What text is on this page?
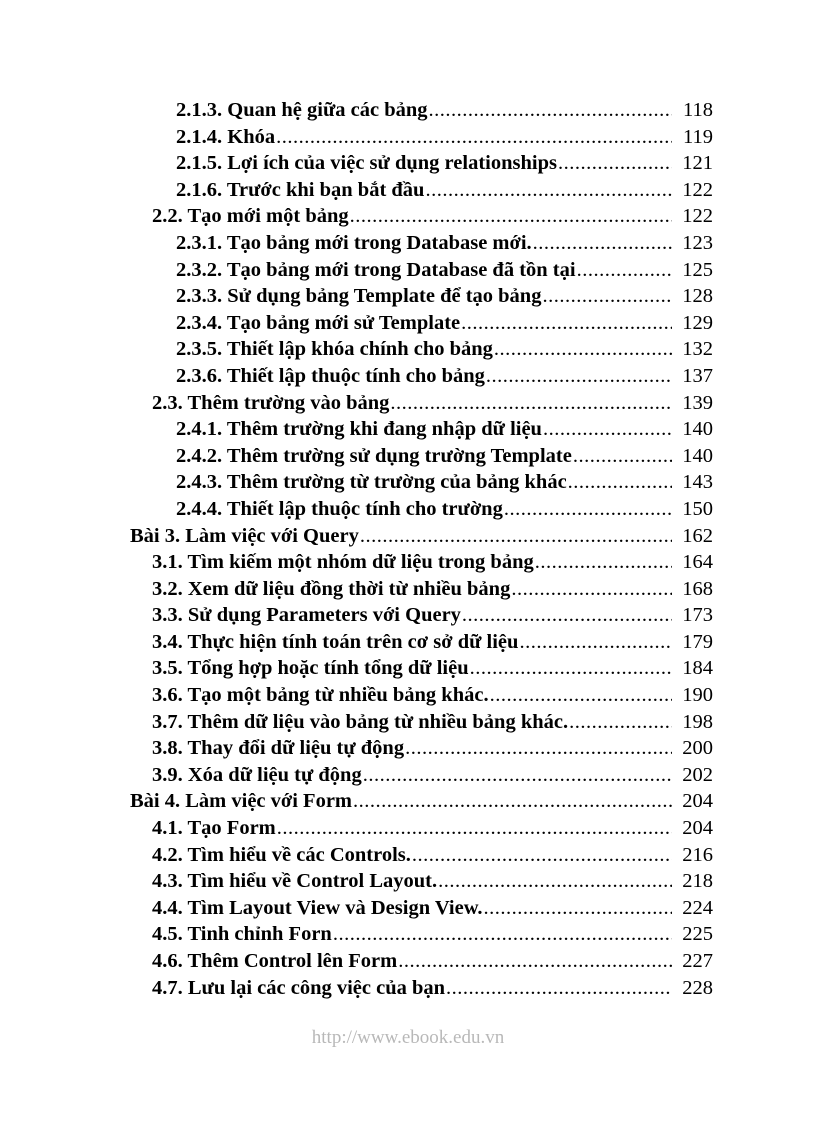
2.1.3. Quan hệ giữa các bảng .....	118
2.1.4. Khóa .....	119
2.1.5. Lợi ích của việc sử dụng relationships .....	121
2.1.6. Trước khi bạn bắt đầu .....	122
2.2. Tạo mới một bảng .....	122
2.3.1. Tạo bảng mới trong Database mới. .....	123
2.3.2. Tạo bảng mới trong Database đã tồn tại .....	125
2.3.3. Sử dụng bảng Template để tạo bảng .....	128
2.3.4. Tạo bảng mới sử Template .....	129
2.3.5. Thiết lập khóa chính cho bảng .....	132
2.3.6. Thiết lập thuộc tính cho bảng .....	137
2.3. Thêm trường vào bảng .....	139
2.4.1. Thêm trường khi đang nhập dữ liệu .....	140
2.4.2. Thêm trường sử dụng trường Template .....	140
2.4.3. Thêm trường từ trường của bảng khác .....	143
2.4.4. Thiết lập thuộc tính cho trường .....	150
Bài 3. Làm việc với Query .....	162
3.1. Tìm kiếm một nhóm dữ liệu trong bảng .....	164
3.2. Xem dữ liệu đồng thời từ nhiều bảng .....	168
3.3. Sử dụng Parameters với Query .....	173
3.4. Thực hiện tính toán trên cơ sở dữ liệu .....	179
3.5. Tổng hợp hoặc tính tổng dữ liệu .....	184
3.6. Tạo một bảng từ nhiều bảng khác. .....	190
3.7. Thêm dữ liệu vào bảng từ nhiều bảng khác. .....	198
3.8. Thay đổi dữ liệu tự động .....	200
3.9. Xóa dữ liệu tự động .....	202
Bài 4. Làm việc với Form .....	204
4.1. Tạo Form .....	204
4.2. Tìm hiểu về các Controls. .....	216
4.3. Tìm hiểu về Control Layout. .....	218
4.4. Tìm Layout View và Design View. .....	224
4.5. Tinh chỉnh Forn .....	225
4.6. Thêm Control lên Form .....	227
4.7. Lưu lại các công việc của bạn .....	228
http://www.ebook.edu.vn
